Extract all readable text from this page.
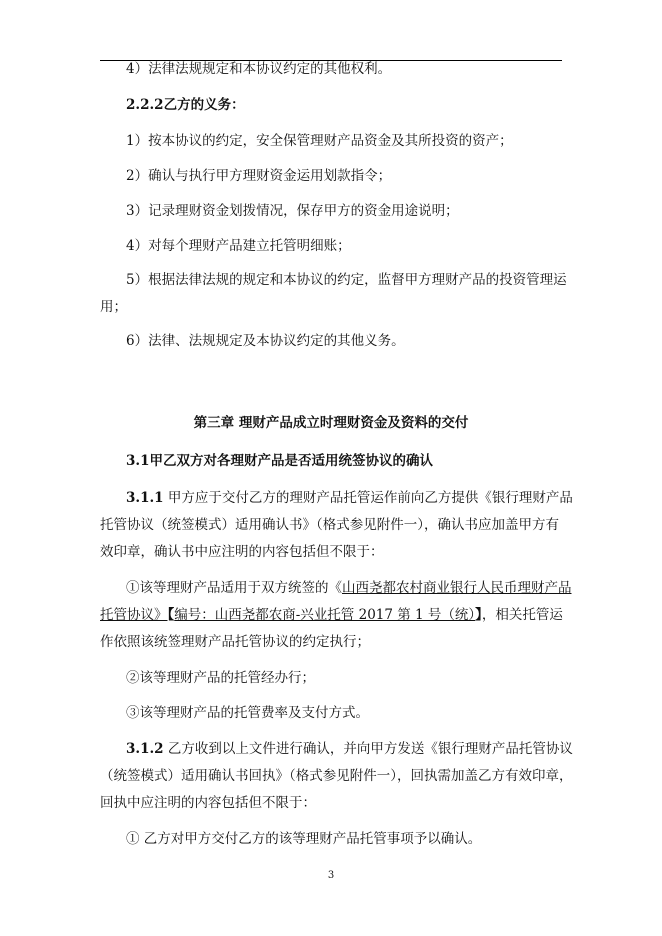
4）法律法规规定和本协议约定的其他权利。
2.2.2乙方的义务：
1）按本协议的约定，安全保管理财产品资金及其所投资的资产；
2）确认与执行甲方理财资金运用划款指令；
3）记录理财资金划拨情况，保存甲方的资金用途说明；
4）对每个理财产品建立托管明细账；
5）根据法律法规的规定和本协议的约定，监督甲方理财产品的投资管理运
用；
6）法律、法规规定及本协议约定的其他义务。
第三章 理财产品成立时理财资金及资料的交付
3.1甲乙双方对各理财产品是否适用统签协议的确认
3.1.1 甲方应于交付乙方的理财产品托管运作前向乙方提供《银行理财产品
托管协议（统签模式）适用确认书》（格式参见附件一），确认书应加盖甲方有
效印章，确认书中应注明的内容包括但不限于：
①该等理财产品适用于双方统签的《山西尧都农村商业银行人民币理财产品
托管协议》【编号：山西尧都农商-兴业托管 2017 第 1 号（统）】，相关托管运
作依照该统签理财产品托管协议的约定执行；
②该等理财产品的托管经办行；
③该等理财产品的托管费率及支付方式。
3.1.2 乙方收到以上文件进行确认，并向甲方发送《银行理财产品托管协议
（统签模式）适用确认书回执》（格式参见附件一），回执需加盖乙方有效印章，
回执中应注明的内容包括但不限于：
① 乙方对甲方交付乙方的该等理财产品托管事项予以确认。
3
